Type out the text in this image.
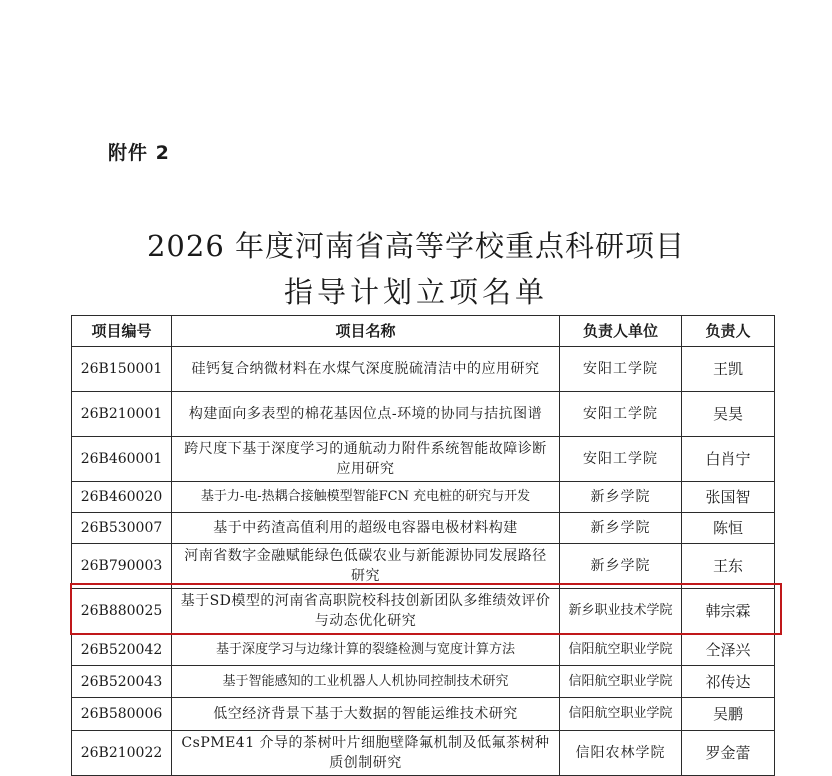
附件 2
2026 年度河南省高等学校重点科研项目
指导计划立项名单
项目编号	项目名称	负责人单位	负责人
26B150001	硅钙复合纳微材料在水煤气深度脱硫清洁中的应用研究	安阳工学院	王凯
26B210001	构建面向多表型的棉花基因位点-环境的协同与拮抗图谱	安阳工学院	吴昊
26B460001	跨尺度下基于深度学习的通航动力附件系统智能故障诊断应用研究	安阳工学院	白肖宁
26B460020	基于力-电-热耦合接触模型智能FCN 充电桩的研究与开发	新乡学院	张国智
26B530007	基于中药渣高值利用的超级电容器电极材料构建	新乡学院	陈恒
26B790003	河南省数字金融赋能绿色低碳农业与新能源协同发展路径研究	新乡学院	王东
26B880025	基于SD模型的河南省高职院校科技创新团队多维绩效评价与动态优化研究	新乡职业技术学院	韩宗霖
26B520042	基于深度学习与边缘计算的裂缝检测与宽度计算方法	信阳航空职业学院	仝泽兴
26B520043	基于智能感知的工业机器人人机协同控制技术研究	信阳航空职业学院	祁传达
26B580006	低空经济背景下基于大数据的智能运维技术研究	信阳航空职业学院	吴鹏
26B210022	CsPME41 介导的茶树叶片细胞壁降氟机制及低氟茶树种质创制研究	信阳农林学院	罗金蕾
